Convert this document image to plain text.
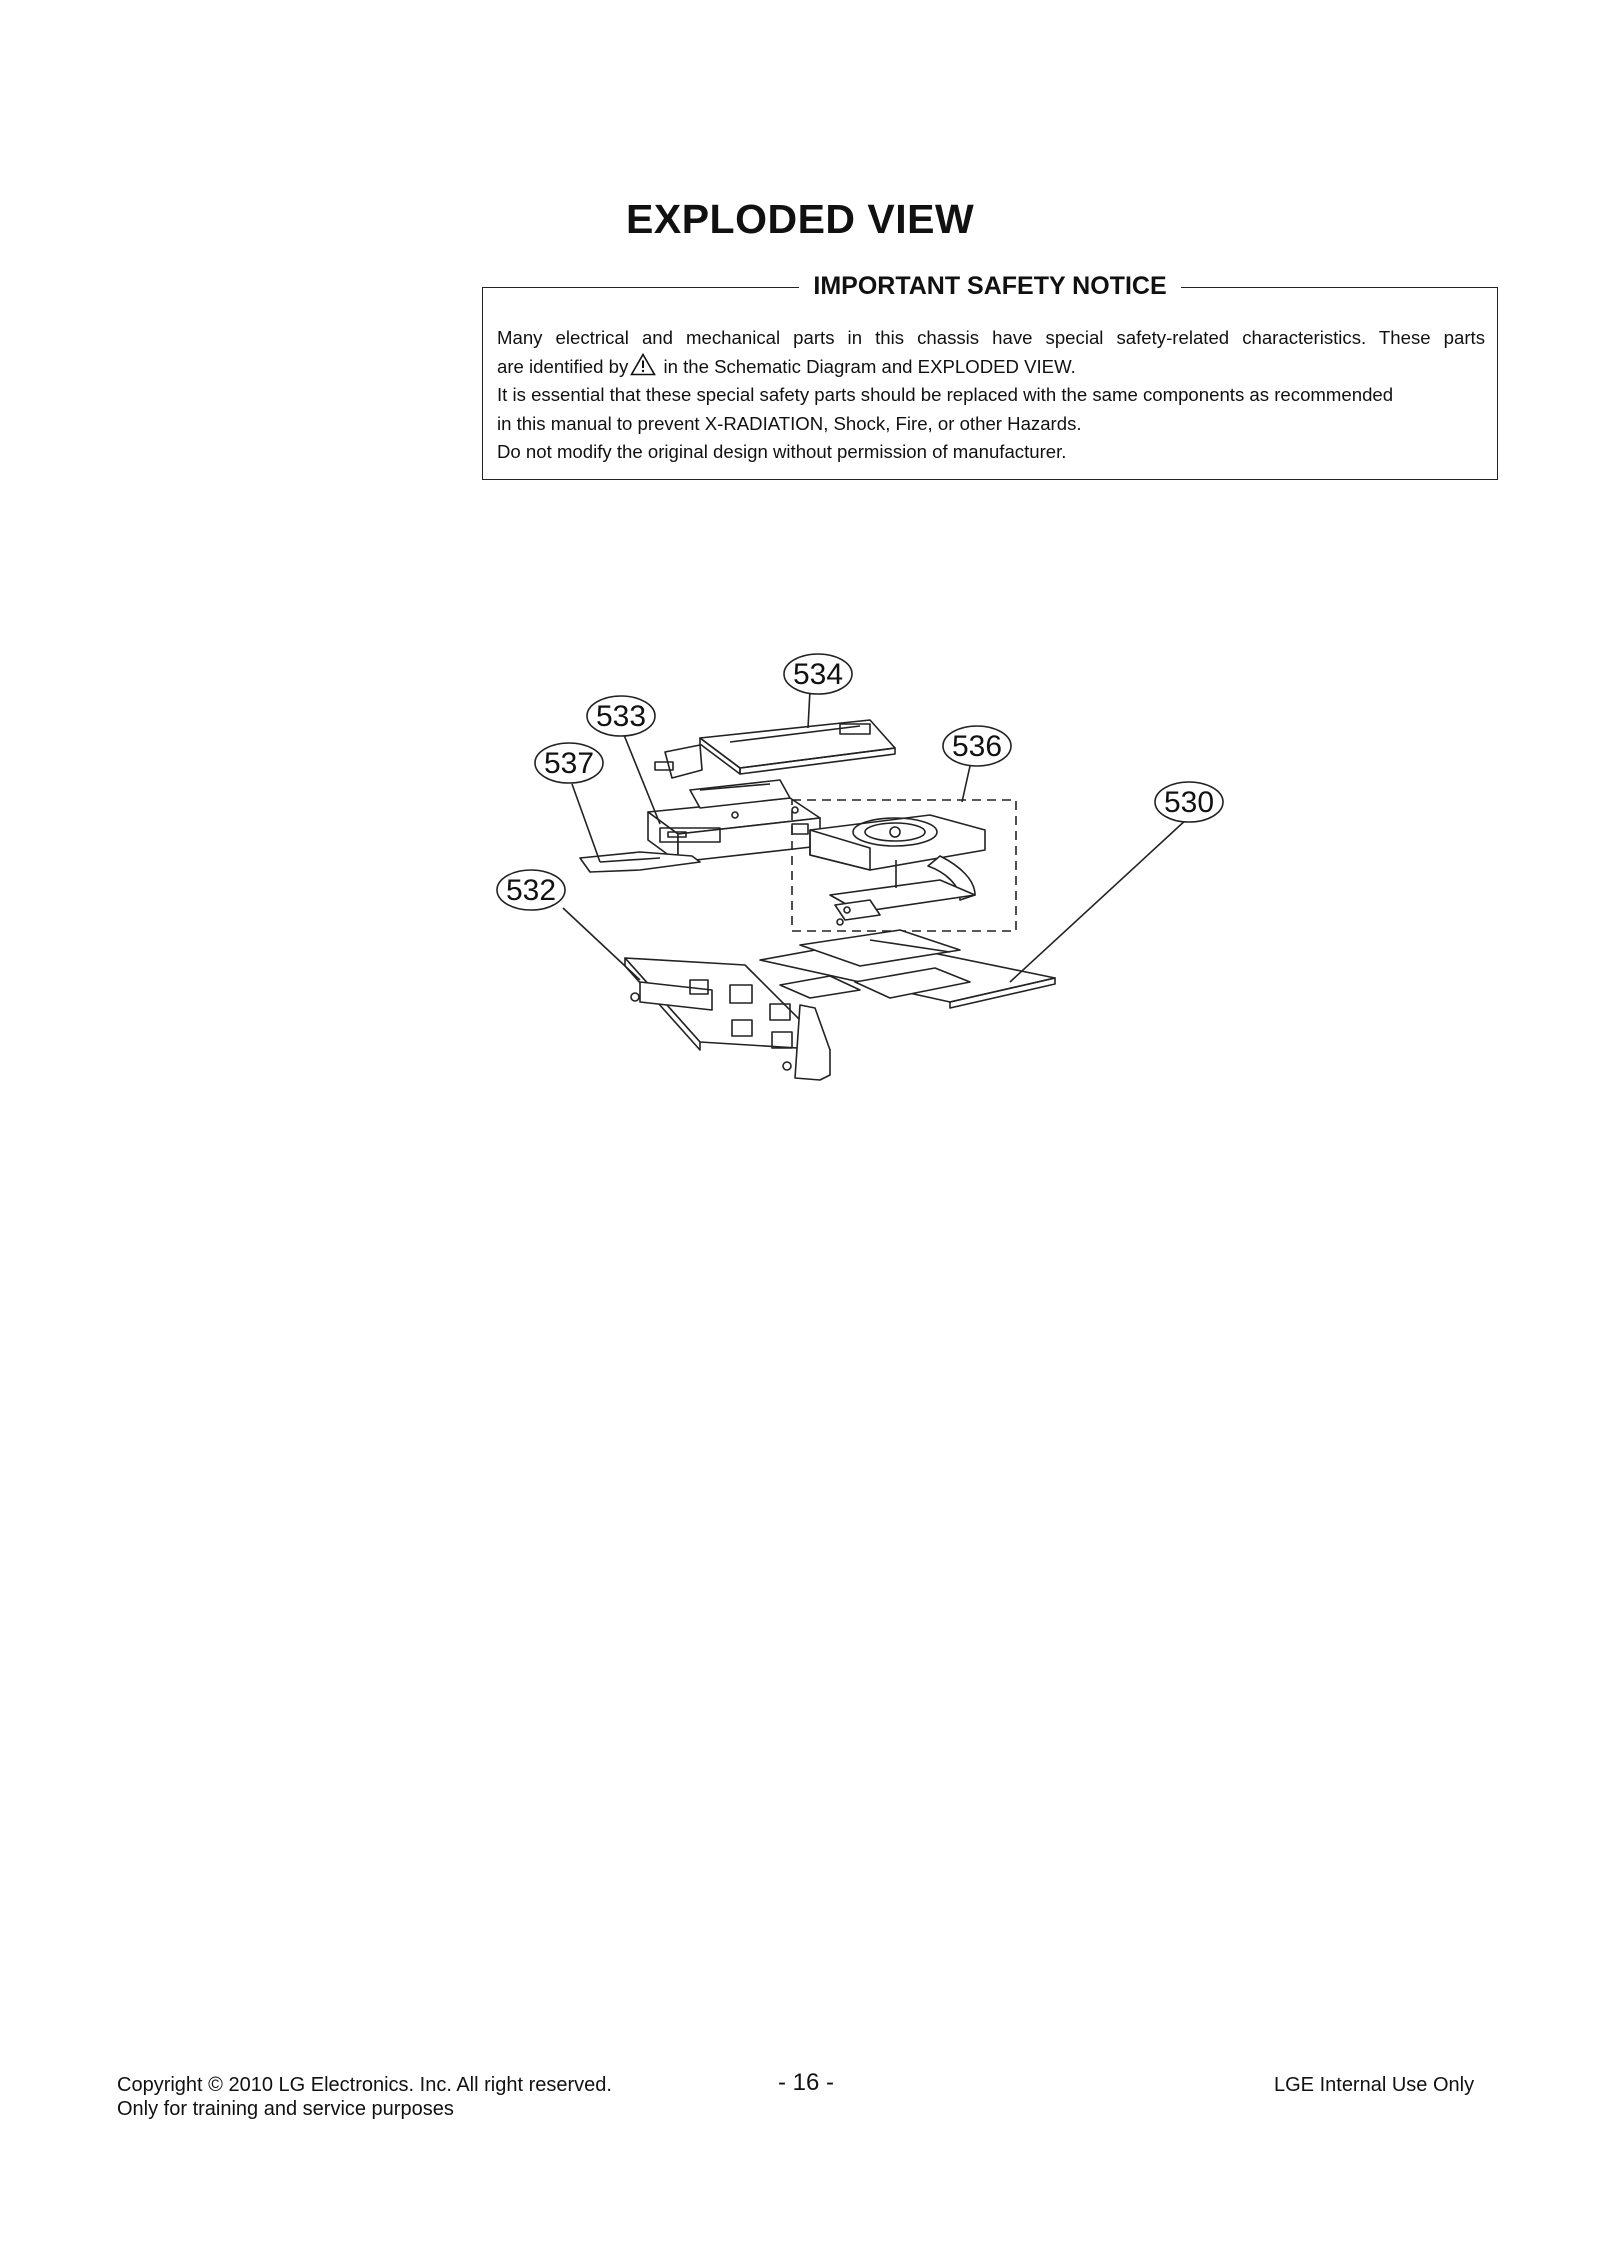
EXPLODED VIEW
IMPORTANT SAFETY NOTICE

Many electrical and mechanical parts in this chassis have special safety-related characteristics. These parts

are identified by in the Schematic Diagram and EXPLODED VIEW.

It is essential that these special safety parts should be replaced with the same components as recommended

in this manual to prevent X-RADIATION, Shock, Fire, or other Hazards.

Do not modify the original design without permission of manufacturer.

534
533
537
536
530
532
Copyright © 2010 LG Electronics. Inc. All right reserved.
Only for training and service purposes
- 16 -	LGE Internal Use Only
